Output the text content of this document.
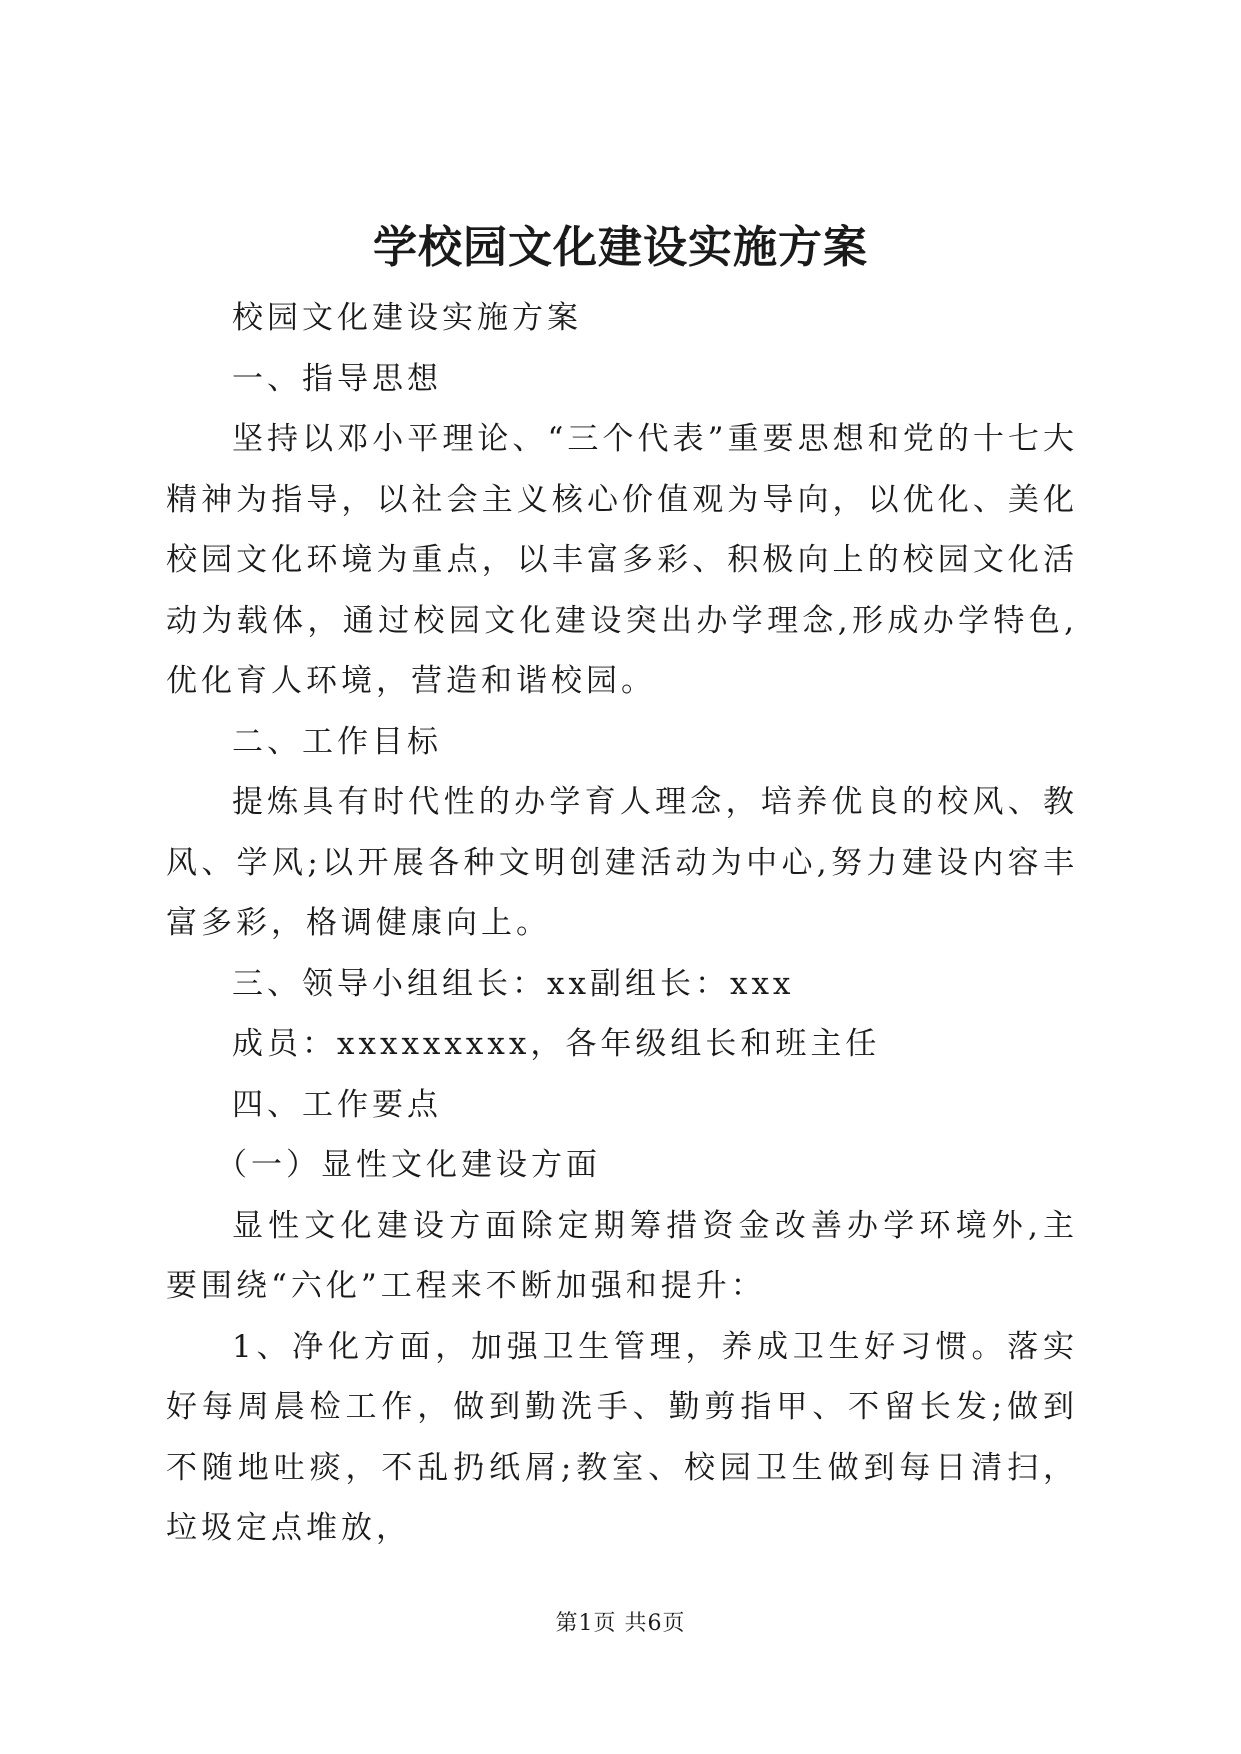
学校园文化建设实施方案

校园文化建设实施方案

一、指导思想

坚持以邓小平理论、“三个代表”重要思想和党的十七大精神为指导，以社会主义核心价值观为导向，以优化、美化校园文化环境为重点，以丰富多彩、积极向上的校园文化活动为载体，通过校园文化建设突出办学理念,形成办学特色,优化育人环境，营造和谐校园。

二、工作目标

提炼具有时代性的办学育人理念，培养优良的校风、教风、学风;以开展各种文明创建活动为中心,努力建设内容丰富多彩，格调健康向上。

三、领导小组组长：xx副组长：xxx

成员：xxxxxxxxx，各年级组长和班主任

四、工作要点

（一）显性文化建设方面

显性文化建设方面除定期筹措资金改善办学环境外,主要围绕“六化”工程来不断加强和提升：

1、净化方面，加强卫生管理，养成卫生好习惯。落实好每周晨检工作，做到勤洗手、勤剪指甲、不留长发;做到不随地吐痰，不乱扔纸屑;教室、校园卫生做到每日清扫，垃圾定点堆放，

第1页 共6页
